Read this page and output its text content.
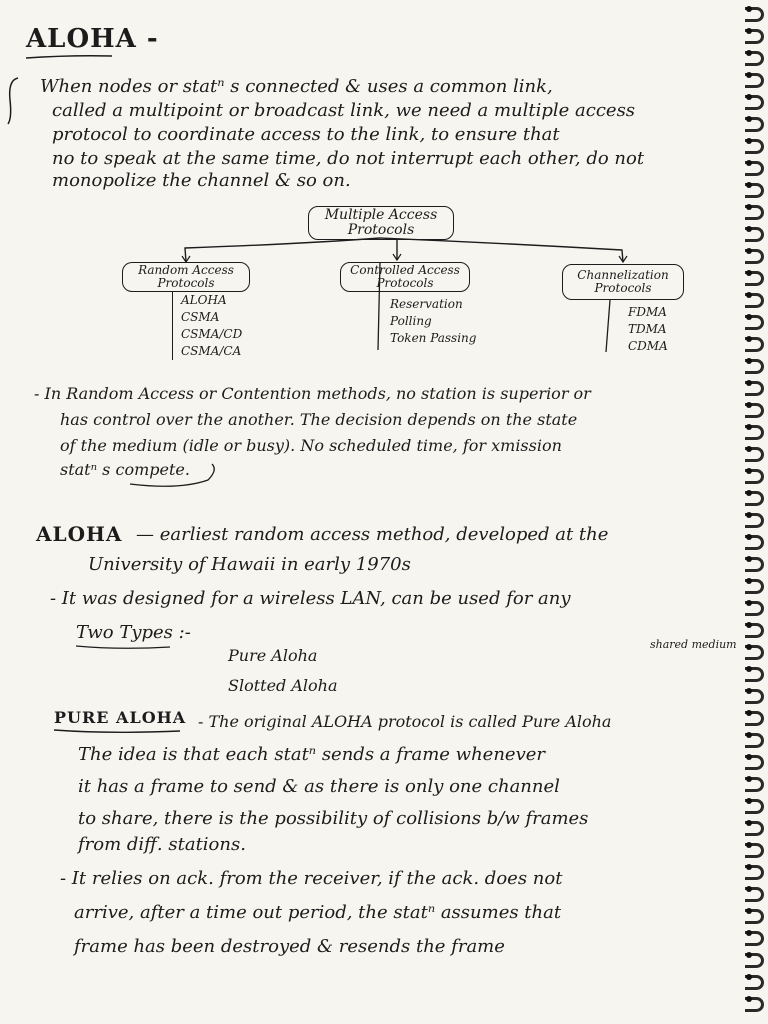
ALOHA -
When nodes or statⁿ s connected & uses a common link,
called a multipoint or broadcast link, we need a multiple access
protocol to coordinate access to the link, to ensure that
no to speak at the same time, do not interrupt each other, do not
monopolize the channel & so on.
Multiple Access
Protocols
Random Access
Protocols
ALOHA
CSMA
CSMA/CD
CSMA/CA
Controlled Access
Protocols
Reservation
Polling
Token Passing
Channelization
Protocols
FDMA
TDMA
CDMA
- In Random Access or Contention methods, no station is superior or
has control over the another. The decision depends on the state
of the medium (idle or busy). No scheduled time, for xmission
statⁿ s compete.
ALOHA — earliest random access method, developed at the
University of Hawaii in early 1970s
- It was designed for a wireless LAN, can be used for any
shared medium
Two Types :-
Pure Aloha
Slotted Aloha
PURE ALOHA - The original ALOHA protocol is called Pure Aloha
The idea is that each statⁿ sends a frame whenever
it has a frame to send & as there is only one channel
to share, there is the possibility of collisions b/w frames
from diff. stations.
- It relies on ack. from the receiver, if the ack. does not
arrive, after a time out period, the statⁿ assumes that
frame has been destroyed & resends the frame
